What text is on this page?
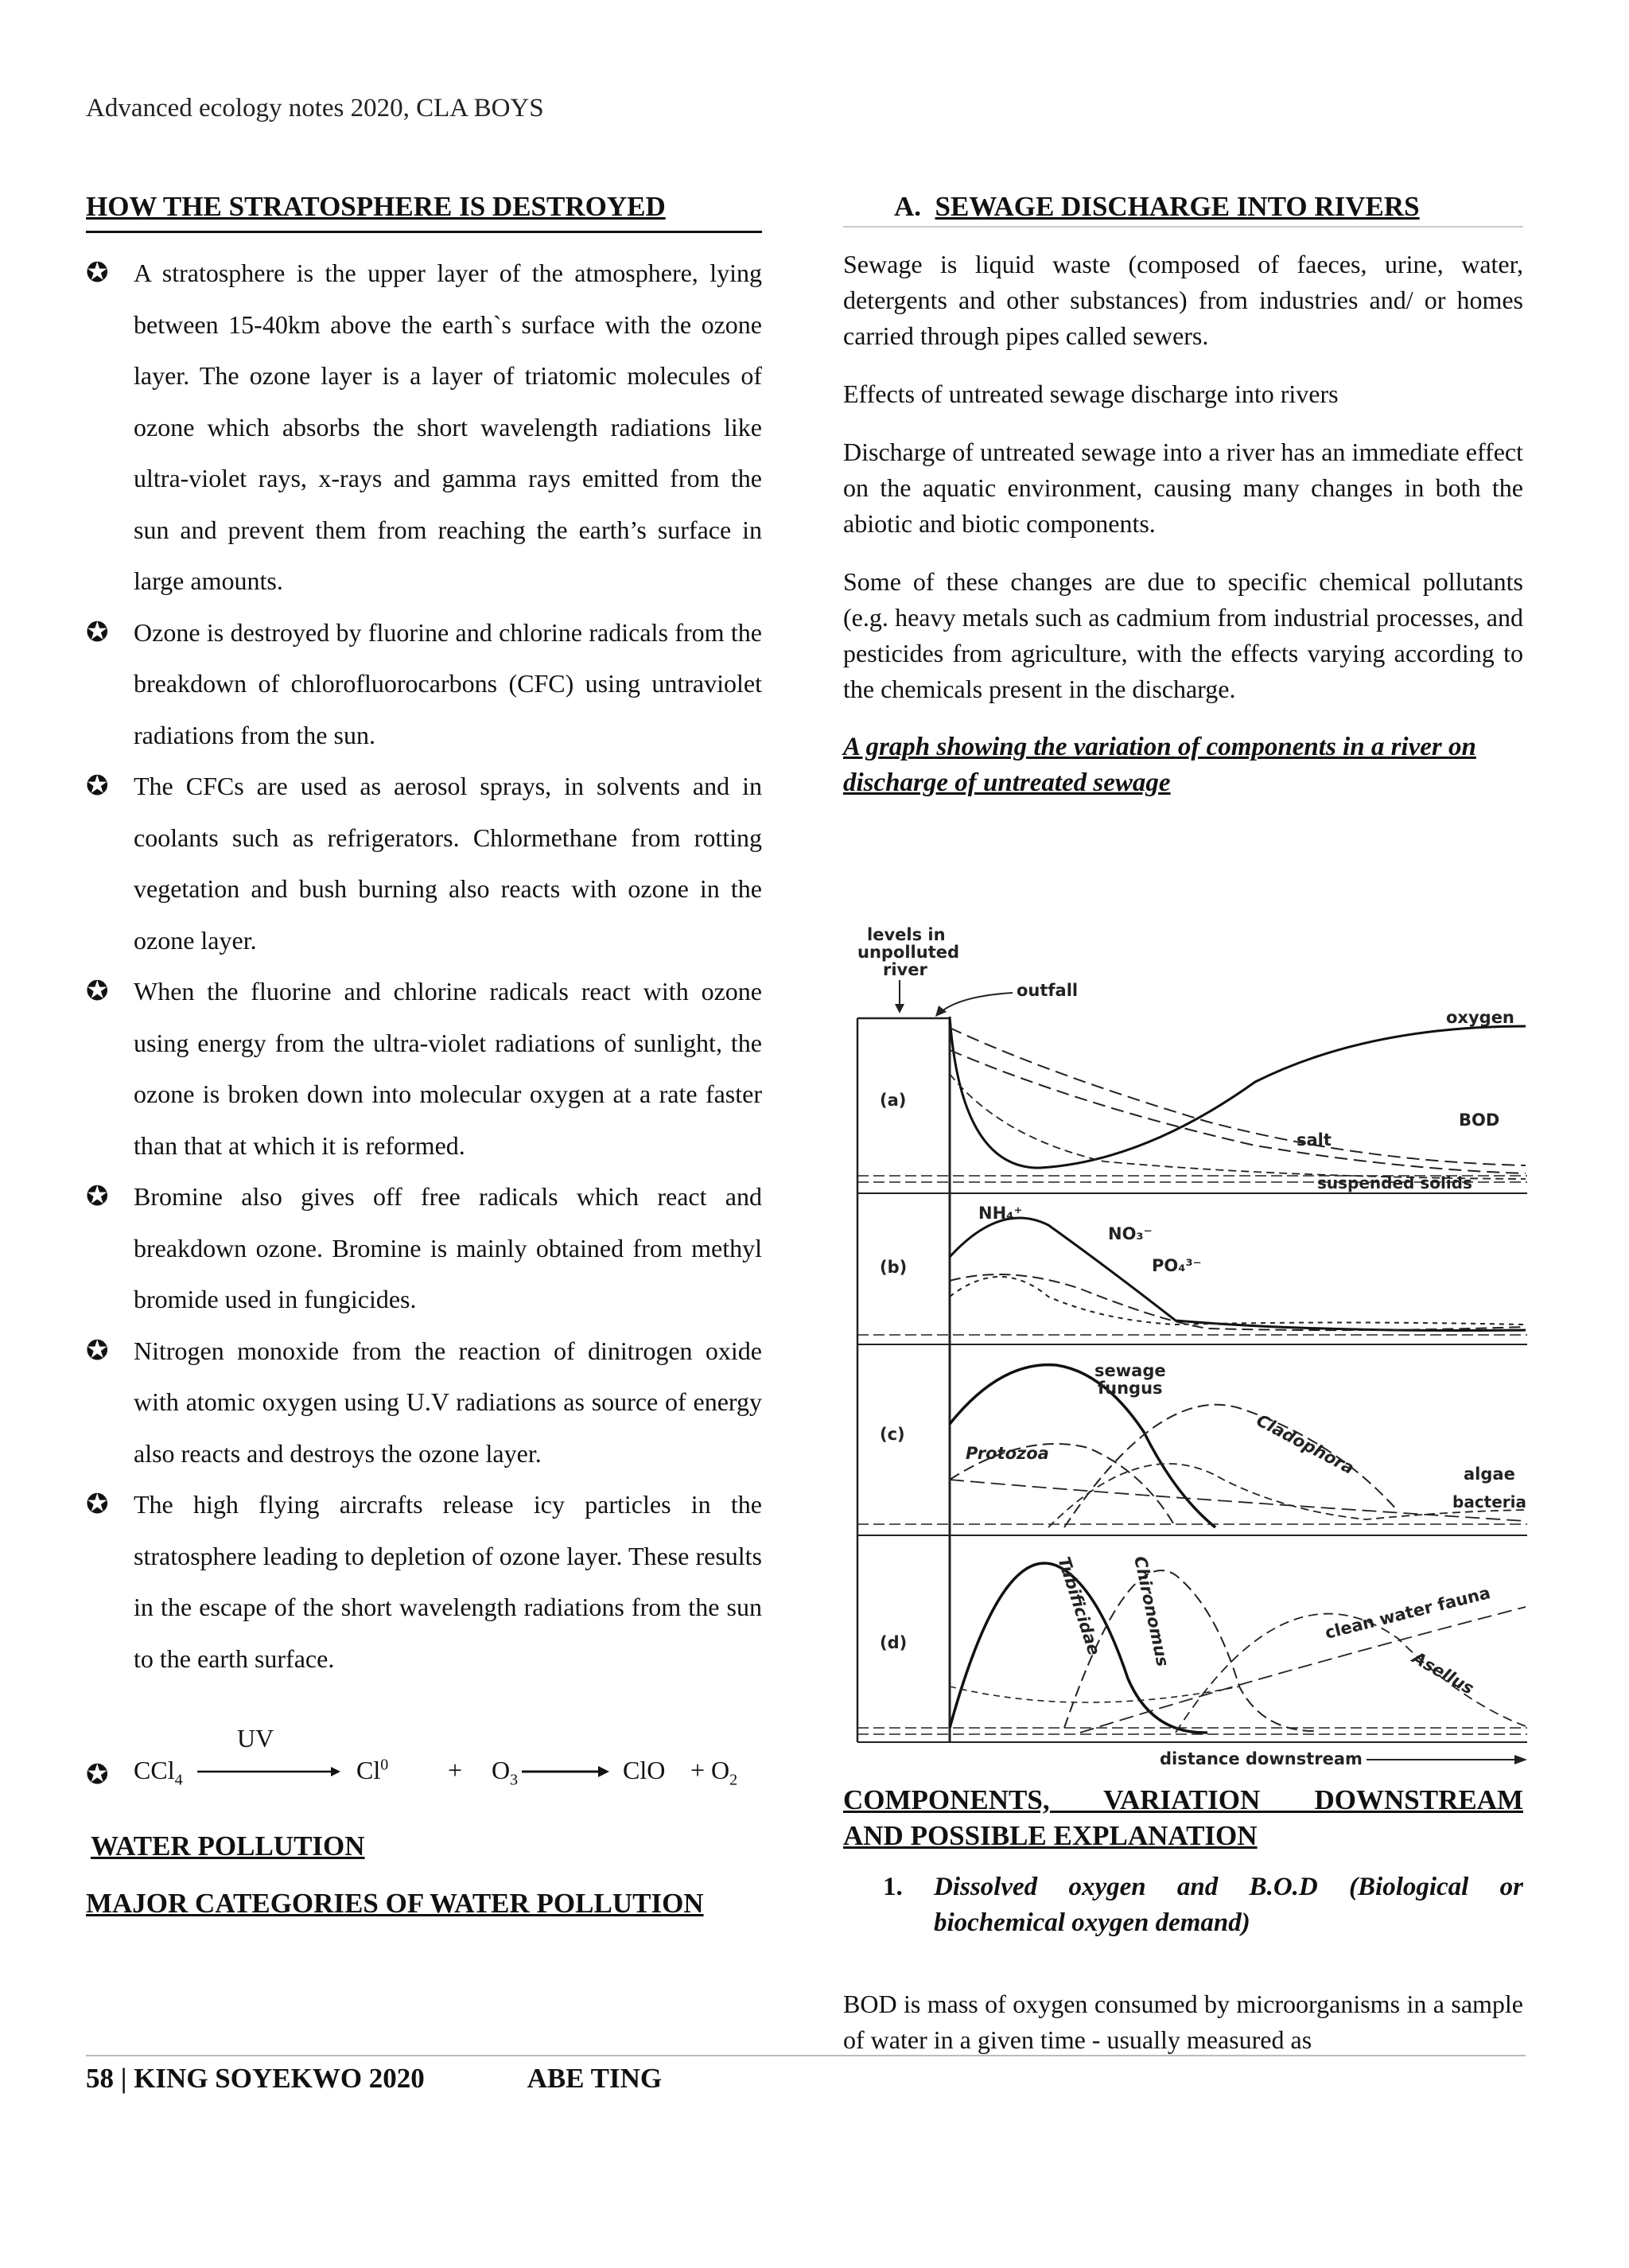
Advanced ecology notes 2020, CLA BOYS
HOW THE STRATOSPHERE IS DESTROYED
✪ A stratosphere is the upper layer of the atmosphere, lying between 15-40km above the earth`s surface with the ozone layer. The ozone layer is a layer of triatomic molecules of ozone which absorbs the short wavelength radiations like ultra-violet rays, x-rays and gamma rays emitted from the sun and prevent them from reaching the earth’s surface in large amounts.
✪ Ozone is destroyed by fluorine and chlorine radicals from the breakdown of chlorofluorocarbons (CFC) using untraviolet radiations from the sun.
✪ The CFCs are used as aerosol sprays, in solvents and in coolants such as refrigerators. Chlormethane from rotting vegetation and bush burning also reacts with ozone in the ozone layer.
✪ When the fluorine and chlorine radicals react with ozone using energy from the ultra-violet radiations of sunlight, the ozone is broken down into molecular oxygen at a rate faster than that at which it is reformed.
✪ Bromine also gives off free radicals which react and breakdown ozone. Bromine is mainly obtained from methyl bromide used in fungicides.
✪ Nitrogen monoxide from the reaction of dinitrogen oxide with atomic oxygen using U.V radiations as source of energy also reacts and destroys the ozone layer.
✪ The high flying aircrafts release icy particles in the stratosphere leading to depletion of ozone layer. These results in the escape of the short wavelength radiations from the sun to the earth surface.
✪ CCl$_4$
UV
$Cl^0 + O_3$	ClO + $O_2$
WATER POLLUTION
MAJOR CATEGORIES OF WATER POLLUTION
A. SEWAGE DISCHARGE INTO RIVERS

Sewage is liquid waste (composed of faeces, urine, water, detergents and other substances) from industries and/ or homes carried through pipes called sewers.

Effects of untreated sewage discharge into rivers

Discharge of untreated sewage into a river has an immediate effect on the aquatic environment, causing many changes in both the abiotic and biotic components.

Some of these changes are due to specific chemical pollutants (e.g. heavy metals such as cadmium from industrial processes, and pesticides from agriculture, with the effects varying according to the chemicals present in the discharge.

A graph showing the variation of components in a river on discharge of untreated sewage

levels in
unpolluted
river
outfall
(a)
(b)
(c)
(d)
oxygen
BOD
salt
suspended solids
NH₄⁺
NO₃⁻
PO₄³⁻
sewage
fungus
Protozoa	Cladophora	algae
bacteria
Tubificidae Chironomus	clean water fauna
Asellus
distance downstream
COMPONENTS, VARIATION DOWNSTREAM
AND POSSIBLE EXPLANATION
1.	Dissolved oxygen and B.O.D (Biological or biochemical oxygen demand)

BOD is mass of oxygen consumed by microorganisms in a sample of water in a given time - usually measured as

58 | KING SOYEKWO 2020	ABE TING
